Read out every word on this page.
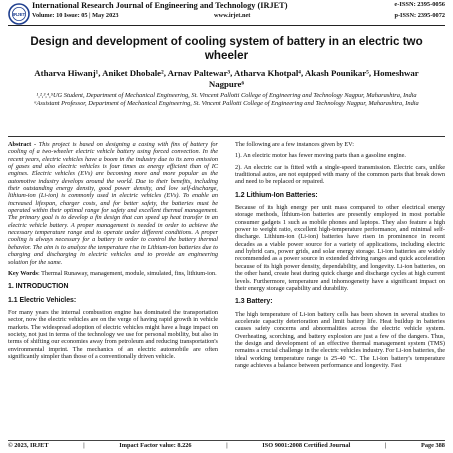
IRJET
International Research Journal of Engineering and Technology (IRJET)	e-ISSN: 2395-0056
Volume: 10 Issue: 05 | May 2023	www.irjet.net	p-ISSN: 2395-0072
Design and development of cooling system of battery in an electric two wheeler
Atharva Hiwanj¹, Aniket Dhobale², Arnav Paltewar³, Atharva Khotpal⁴, Akash Pounikar⁵, Homeshwar Nagpure⁶

¹,²,³,⁴,⁵UG Student, Department of Mechanical Engineering, St. Vincent Pallotti College of Engineering and Technology Nagpur, Maharashtra, India

⁶Assistant Professor, Department of Mechanical Engineering, St. Vincent Pallotti College of Engineering and Technology Nagpur, Maharashtra, India

Abstract - This project is based on designing a casing with fins of battery for cooling of a two-wheeler electric vehicle battery using forced convection. In the recent years, electric vehicles have a boom in the industry due to its zero emission of gases and also electric vehicles is four times as energy efficient than of IC engines. Electric vehicles (EVs) are becoming more and more popular as the automotive industry develops around the world. Due to their benefits, including their outstanding energy density, good power density, and low self-discharge, lithium-ion (Li-ion) is commonly used in electric vehicles (EVs). To enable an increased lifespan, charger costs, and for better safety, the batteries must be operated within their optimal range for safety and excellent thermal management. The primary goal is to develop a fin design that can speed up heat transfer in an electric vehicle battery. A proper management is needed in order to achieve the necessary temperature range and to operate under different conditions. A proper cooling is always necessary for a battery in order to control the battery thermal behavior. The aim is to analyze the temperature rise in Lithium-ion batteries due to charging and discharging in electric vehicles and to provide an engineering solution for the same.

Key Words: Thermal Runaway, management, module, simulated, fins, lithium-ion.

1. INTRODUCTION
1.1 Electric Vehicles:

For many years the internal combustion engine has dominated the transportation sector, now the electric vehicles are on the verge of having rapid growth in vehicle markets. The widespread adoption of electric vehicles might have a huge impact on society, not just in terms of the technology we use for personal mobility, but also in terms of shifting our economies away from petroleum and reducing transportation's environmental imprint. The mechanics of an electric automobile are often significantly simpler than those of a conventionally driven vehicle.

The following are a few instances given by EV:

1). An electric motor has fewer moving parts than a gasoline engine.

2). An electric car is fitted with a single-speed transmission. Electric cars, unlike traditional autos, are not equipped with many of the common parts that break down and need to be replaced or repaired.

1.2 Lithium-Ion Batteries:

Because of its high energy per unit mass compared to other electrical energy storage methods, lithium-ion batteries are presently employed in most portable consumer gadgets 1 such as mobile phones and laptops. They also feature a high power to weight ratio, excellent high-temperature performance, and minimal self-discharge. Lithium-ion (Li-ion) batteries have risen in prominence in recent decades as a viable power source for a variety of applications, including electric and hybrid cars, power grids, and solar energy storage. Li-ion batteries are widely recommended as a power source in extended driving ranges and quick acceleration because of its high power density, dependability, and longevity. Li-ion batteries, on the other hand, create heat during quick charge and discharge cycles at high current levels. Furthermore, temperature and inhomogeneity have a significant impact on their energy storage capability and durability.

1.3 Battery:

The high temperature of Li-ion battery cells has been shown in several studies to accelerate capacity deterioration and limit battery life. Heat buildup in batteries causes safety concerns and abnormalities across the electric vehicle system. Overheating, scorching, and battery explosion are just a few of the dangers. Thus, the design and development of an effective thermal management system (TMS) remains a crucial challenge in the electric vehicles industry. For Li-ion batteries, the ideal working temperature range is 25-40 °C. The Li-ion battery's temperature range achieves a balance between performance and longevity. Fast

© 2023, IRJET	|	Impact Factor value: 8.226	|	ISO 9001:2008 Certified Journal	|	Page 388
